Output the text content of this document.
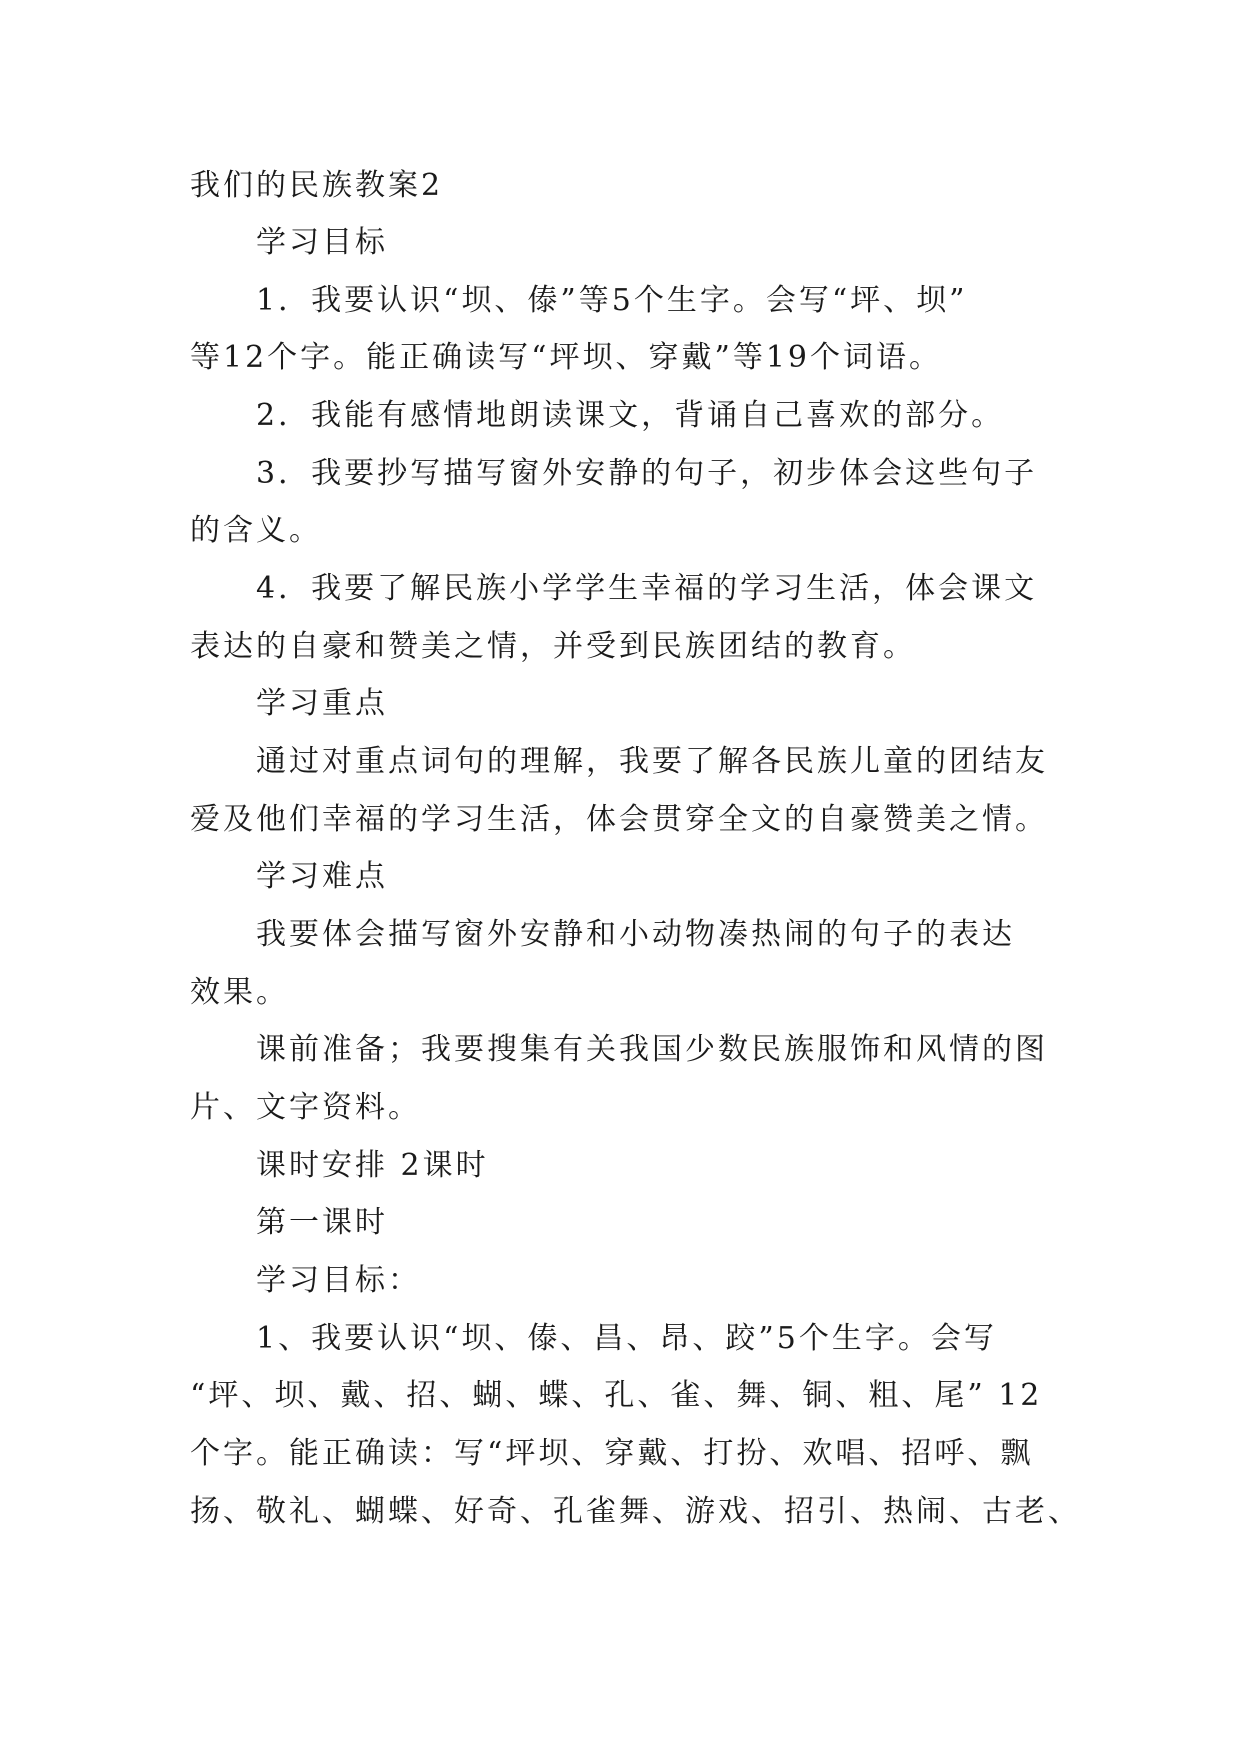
我们的民族教案2
学习目标
1．我要认识“坝、傣”等5个生字。会写“坪、坝”
等12个字。能正确读写“坪坝、穿戴”等19个词语。
2．我能有感情地朗读课文，背诵自己喜欢的部分。
3．我要抄写描写窗外安静的句子，初步体会这些句子
的含义。
4．我要了解民族小学学生幸福的学习生活，体会课文
表达的自豪和赞美之情，并受到民族团结的教育。
学习重点
通过对重点词句的理解，我要了解各民族儿童的团结友
爱及他们幸福的学习生活，体会贯穿全文的自豪赞美之情。
学习难点
我要体会描写窗外安静和小动物凑热闹的句子的表达
效果。
课前准备；我要搜集有关我国少数民族服饰和风情的图
片、文字资料。
课时安排 2课时
第一课时
学习目标：
1、我要认识“坝、傣、昌、昂、跤”5个生字。会写
“坪、坝、戴、招、蝴、蝶、孔、雀、舞、铜、粗、尾” 12
个字。能正确读：写“坪坝、穿戴、打扮、欢唱、招呼、飘
扬、敬礼、蝴蝶、好奇、孔雀舞、游戏、招引、热闹、古老、
